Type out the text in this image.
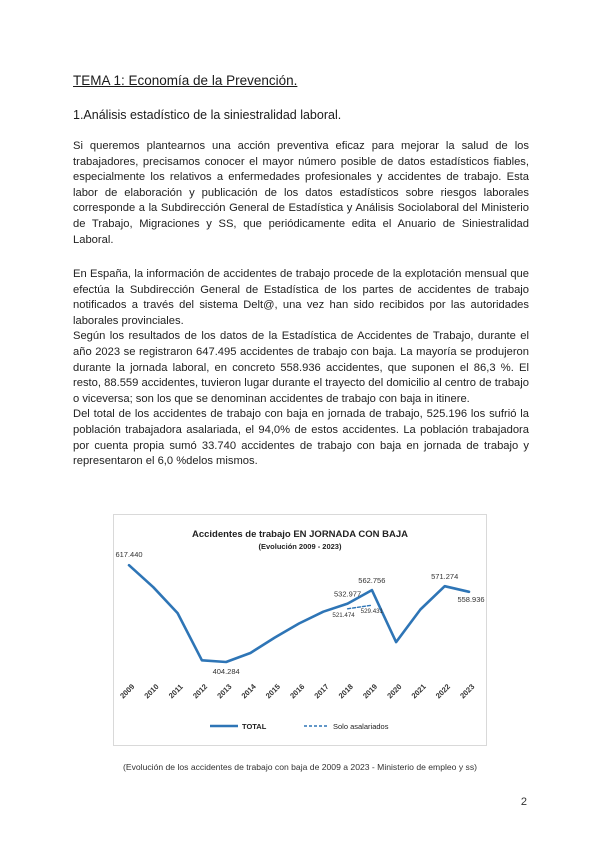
TEMA 1: Economía de la Prevención.
1.Análisis estadístico de la siniestralidad laboral.

Si queremos plantearnos una acción preventiva eficaz para mejorar la salud de los trabajadores, precisamos conocer el mayor número posible de datos estadísticos fiables, especialmente los relativos a enfermedades profesionales y accidentes de trabajo. Esta labor de elaboración y publicación de los datos estadísticos sobre riesgos laborales corresponde a la Subdirección General de Estadística y Análisis Sociolaboral del Ministerio de Trabajo, Migraciones y SS, que periódicamente edita el Anuario de Siniestralidad Laboral.

En España, la información de accidentes de trabajo procede de la explotación mensual que efectúa la Subdirección General de Estadística de los partes de accidentes de trabajo notificados a través del sistema Delt@, una vez han sido recibidos por las autoridades laborales provinciales.
Según los resultados de los datos de la Estadística de Accidentes de Trabajo, durante el año 2023 se registraron 647.495 accidentes de trabajo con baja. La mayoría se produjeron durante la jornada laboral, en concreto 558.936 accidentes, que suponen el 86,3 %. El resto, 88.559 accidentes, tuvieron lugar durante el trayecto del domicilio al centro de trabajo o viceversa; son los que se denominan accidentes de trabajo con baja in itinere.
Del total de los accidentes de trabajo con baja en jornada de trabajo, 525.196 los sufrió la población trabajadora asalariada, el 94,0% de estos accidentes. La población trabajadora por cuenta propia sumó 33.740 accidentes de trabajo con baja en jornada de trabajo y representaron el 6,0 %delos mismos.
Accidentes de trabajo EN JORNADA CON BAJA
(Evolución 2009 - 2023)
617.440
404.284
532.977
521.474
562.756
529.431
571.274
558.936
2009 2010 2011 2012 2013 2014 2015 2016 2017 2018 2019 2020 2021 2022 2023
TOTAL	Solo asalariados
(Evolución de los accidentes de trabajo con baja de 2009 a 2023 - Ministerio de empleo y ss)
2
